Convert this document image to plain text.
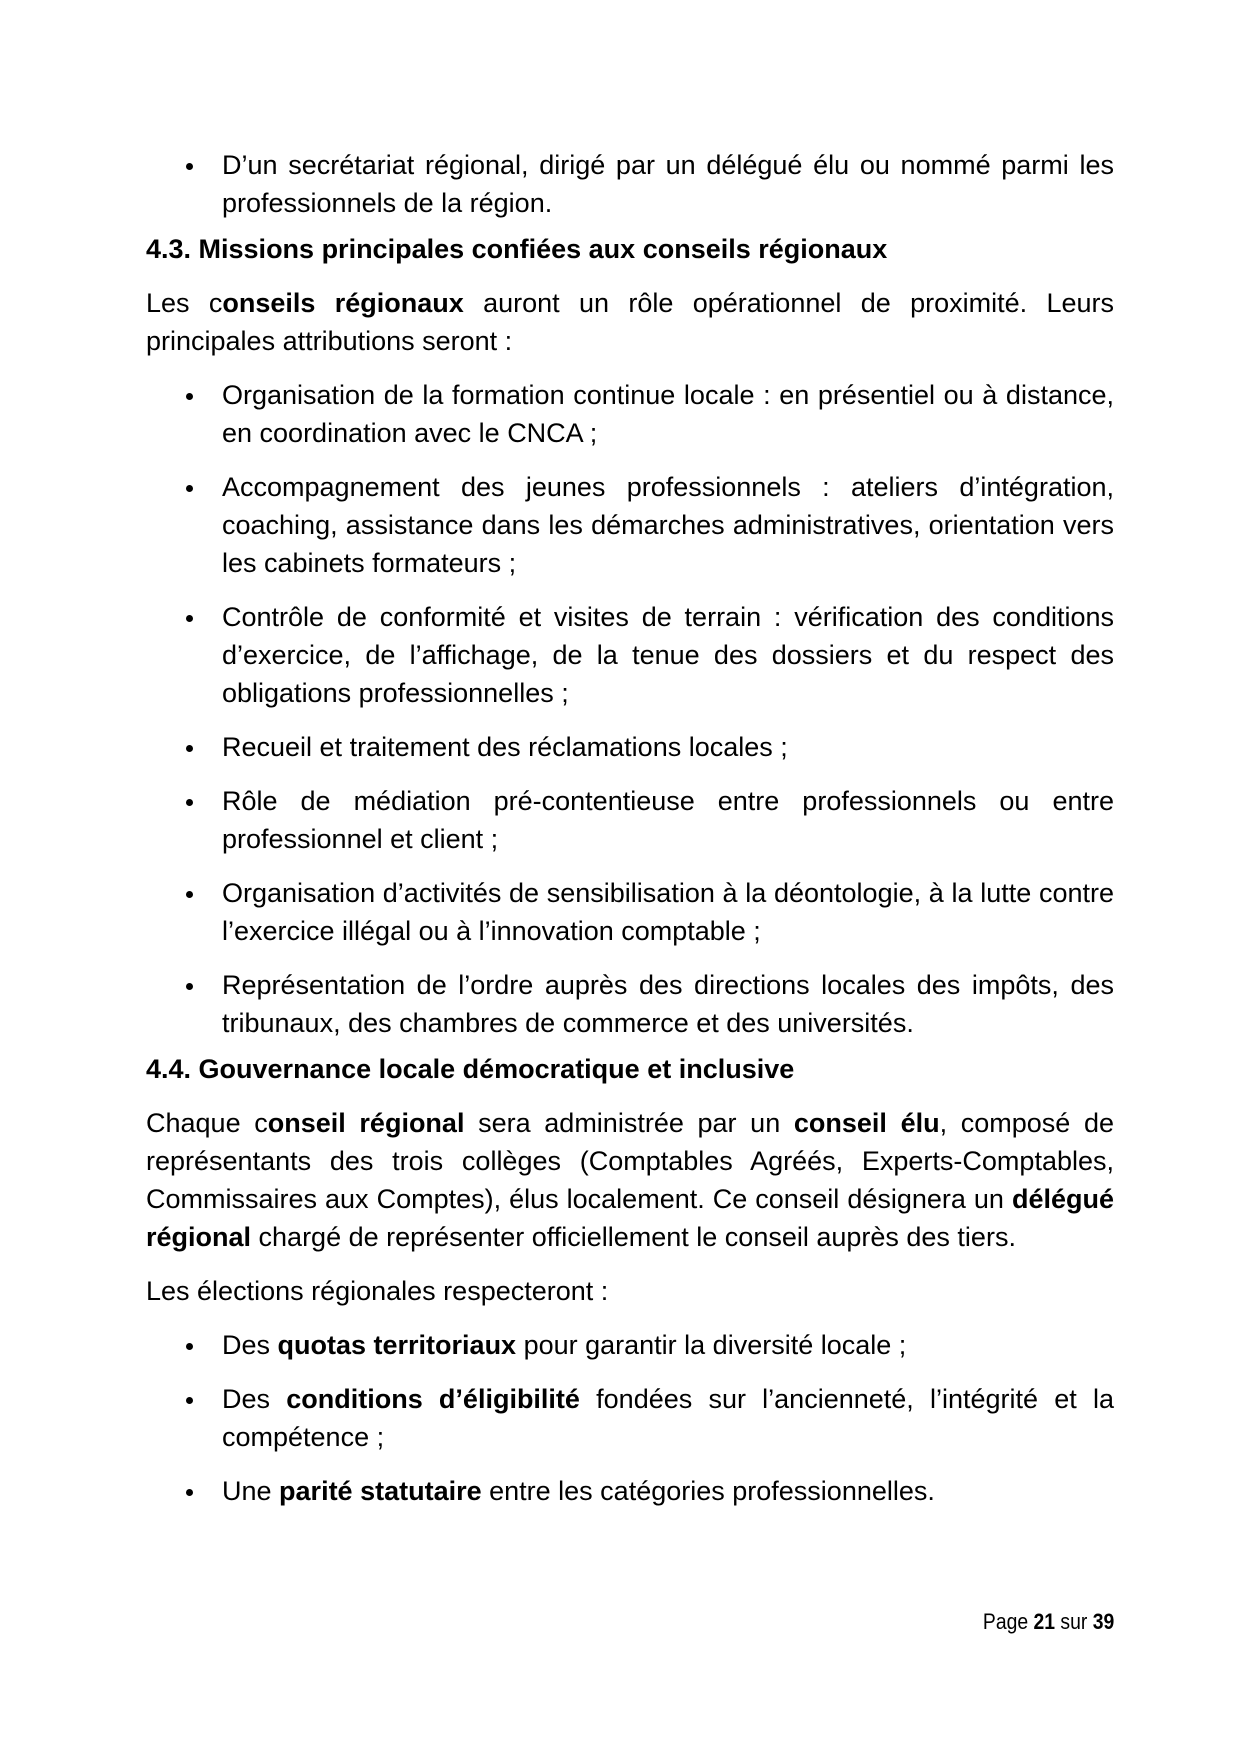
D’un secrétariat régional, dirigé par un délégué élu ou nommé parmi les professionnels de la région.
4.3. Missions principales confiées aux conseils régionaux

Les conseils régionaux auront un rôle opérationnel de proximité. Leurs principales attributions seront :

Organisation de la formation continue locale : en présentiel ou à distance, en coordination avec le CNCA ;
Accompagnement des jeunes professionnels : ateliers d’intégration, coaching, assistance dans les démarches administratives, orientation vers les cabinets formateurs ;
Contrôle de conformité et visites de terrain : vérification des conditions d’exercice, de l’affichage, de la tenue des dossiers et du respect des obligations professionnelles ;
Recueil et traitement des réclamations locales ;
Rôle de médiation pré-contentieuse entre professionnels ou entre professionnel et client ;
Organisation d’activités de sensibilisation à la déontologie, à la lutte contre l’exercice illégal ou à l’innovation comptable ;
Représentation de l’ordre auprès des directions locales des impôts, des tribunaux, des chambres de commerce et des universités.
4.4. Gouvernance locale démocratique et inclusive

Chaque conseil régional sera administrée par un conseil élu, composé de représentants des trois collèges (Comptables Agréés, Experts-Comptables, Commissaires aux Comptes), élus localement. Ce conseil désignera un délégué régional chargé de représenter officiellement le conseil auprès des tiers.

Les élections régionales respecteront :

Des quotas territoriaux pour garantir la diversité locale ;
Des conditions d’éligibilité fondées sur l’ancienneté, l’intégrité et la compétence ;
Une parité statutaire entre les catégories professionnelles.
Page 21 sur 39
